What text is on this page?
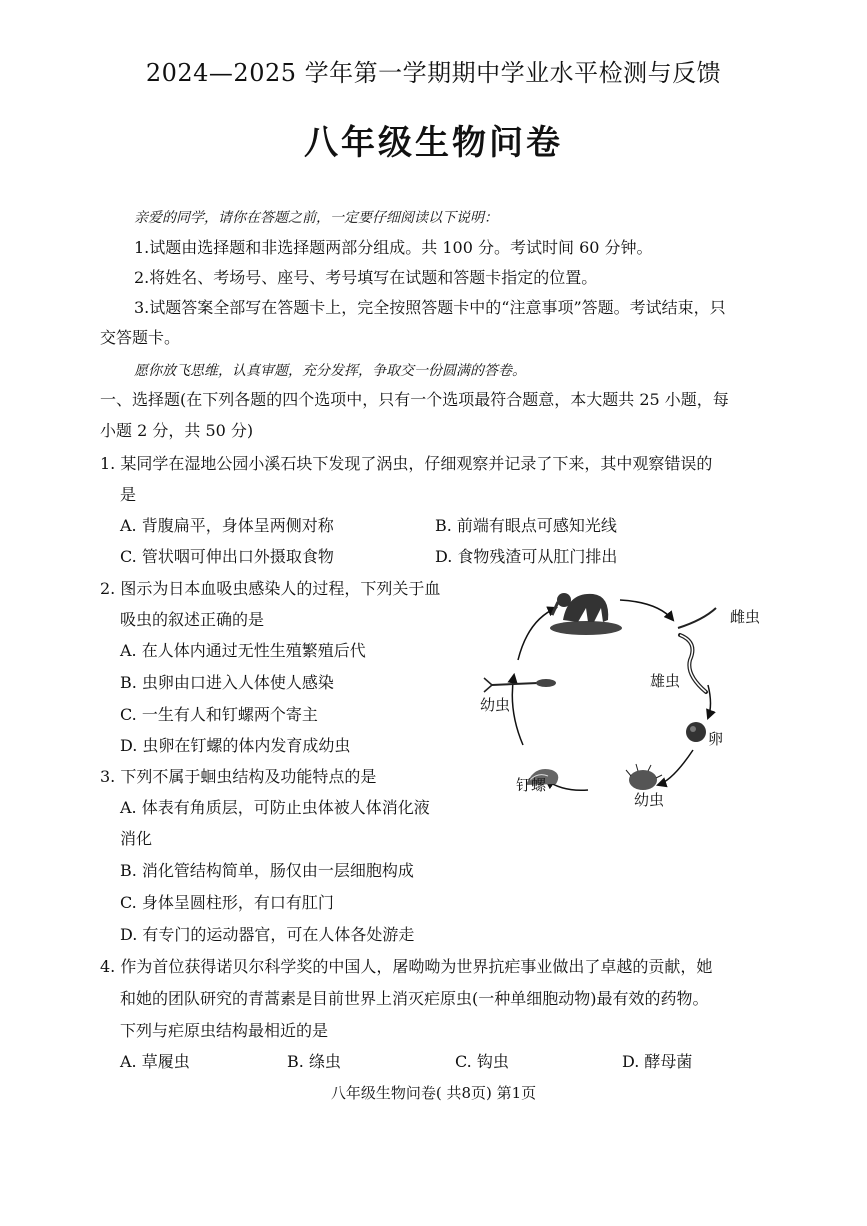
2024—2025 学年第一学期期中学业水平检测与反馈
八年级生物问卷
亲爱的同学，请你在答题之前，一定要仔细阅读以下说明：
1.试题由选择题和非选择题两部分组成。共 100 分。考试时间 60 分钟。
2.将姓名、考场号、座号、考号填写在试题和答题卡指定的位置。
3.试题答案全部写在答题卡上，完全按照答题卡中的“注意事项”答题。考试结束，只
交答题卡。
愿你放飞思维，认真审题，充分发挥，争取交一份圆满的答卷。
一、选择题(在下列各题的四个选项中，只有一个选项最符合题意，本大题共 25 小题，每
小题 2 分，共 50 分)
1. 某同学在湿地公园小溪石块下发现了涡虫，仔细观察并记录了下来，其中观察错误的
是
A. 背腹扁平，身体呈两侧对称	B. 前端有眼点可感知光线
C. 管状咽可伸出口外摄取食物	D. 食物残渣可从肛门排出
2. 图示为日本血吸虫感染人的过程，下列关于血
吸虫的叙述正确的是
A. 在人体内通过无性生殖繁殖后代
B. 虫卵由口进入人体使人感染
C. 一生有人和钉螺两个寄主
D. 虫卵在钉螺的体内发育成幼虫
3. 下列不属于蛔虫结构及功能特点的是
A. 体表有角质层，可防止虫体被人体消化液
消化
B. 消化管结构简单，肠仅由一层细胞构成
C. 身体呈圆柱形，有口有肛门
D. 有专门的运动器官，可在人体各处游走
4. 作为首位获得诺贝尔科学奖的中国人，屠呦呦为世界抗疟事业做出了卓越的贡献，她
和她的团队研究的青蒿素是目前世界上消灭疟原虫(一种单细胞动物)最有效的药物。
下列与疟原虫结构最相近的是
A. 草履虫	B. 绦虫	C. 钩虫	D. 酵母菌
雌虫
雄虫
卵
幼虫
钉螺
幼虫
八年级生物问卷( 共8页) 第1页
